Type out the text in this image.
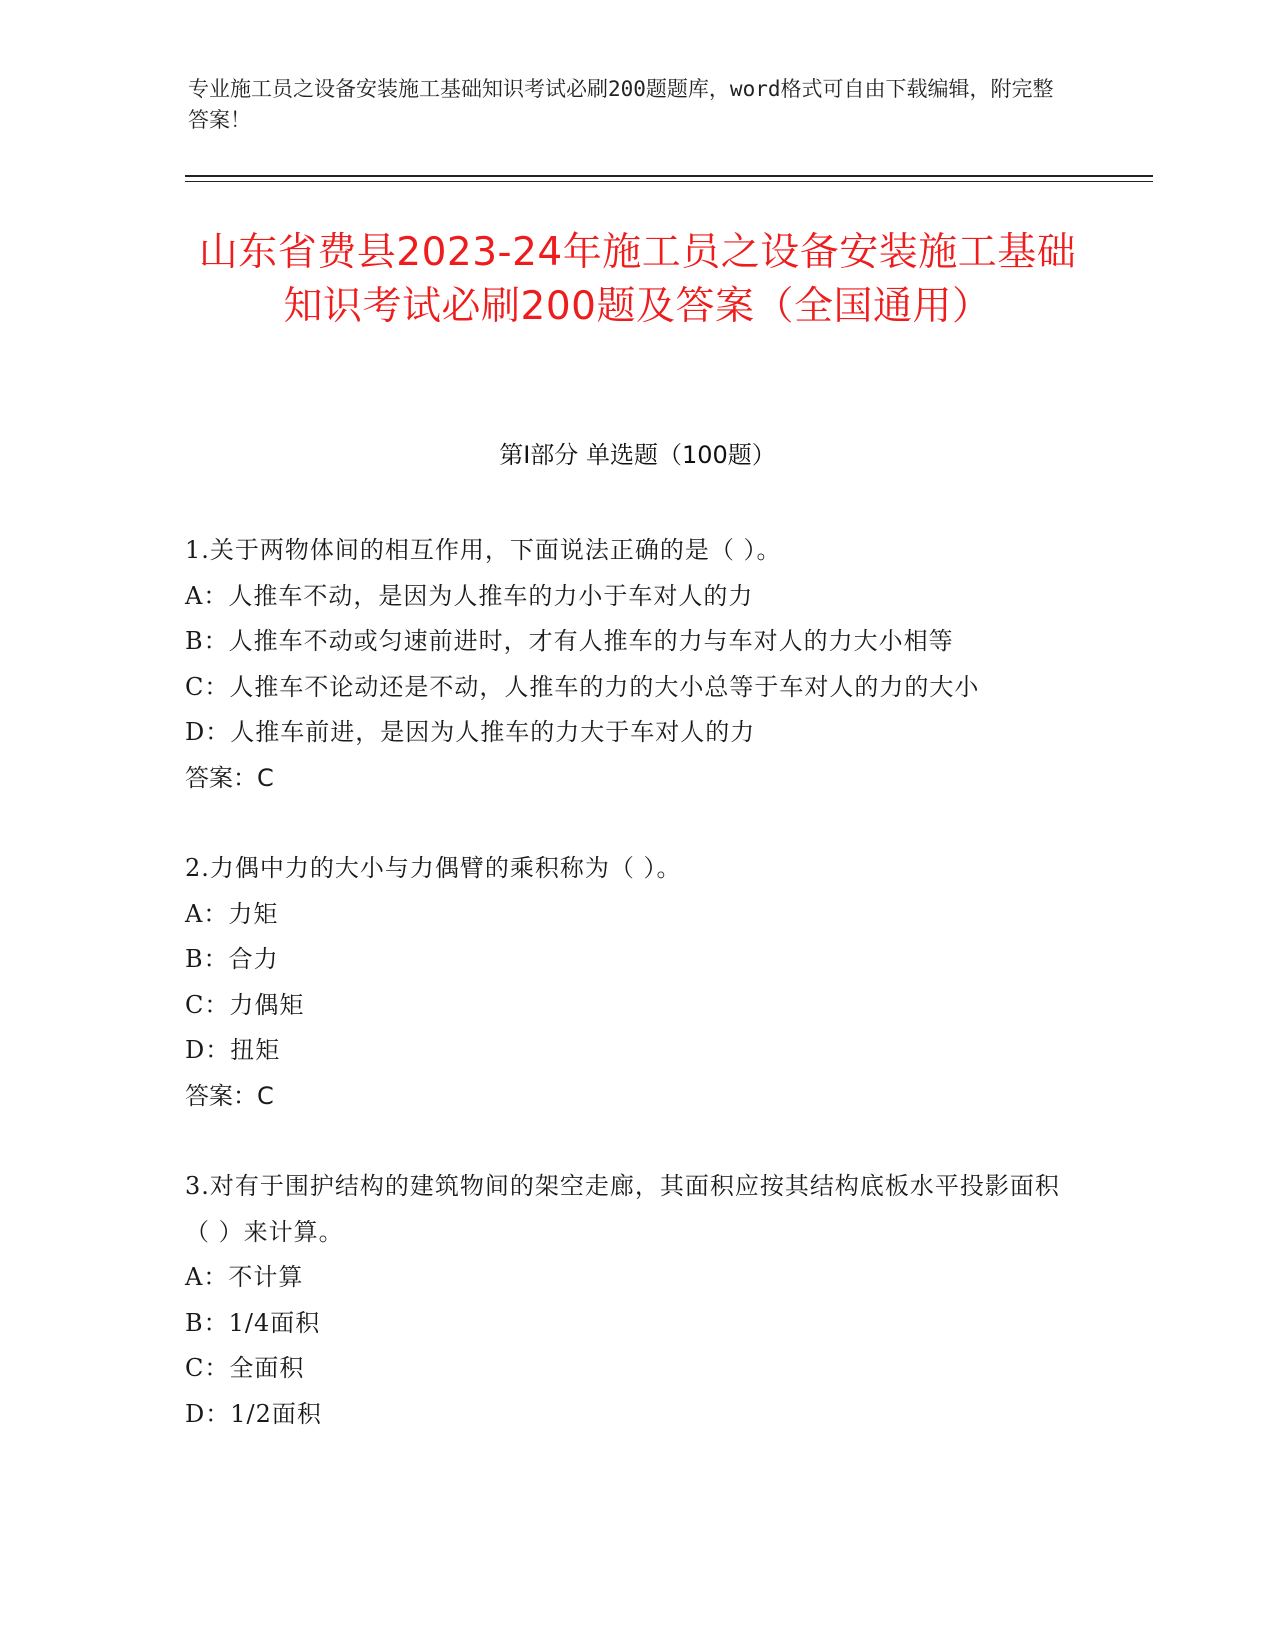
专业施工员之设备安装施工基础知识考试必刷200题题库，word格式可自由下载编辑，附完整答案！
山东省费县2023-24年施工员之设备安装施工基础知识考试必刷200题及答案（全国通用）
第Ⅰ部分 单选题（100题）
1.关于两物体间的相互作用，下面说法正确的是（ ）。
A：人推车不动，是因为人推车的力小于车对人的力
B：人推车不动或匀速前进时，才有人推车的力与车对人的力大小相等
C：人推车不论动还是不动，人推车的力的大小总等于车对人的力的大小
D：人推车前进，是因为人推车的力大于车对人的力
答案：C
2.力偶中力的大小与力偶臂的乘积称为（ ）。
A：力矩
B：合力
C：力偶矩
D：扭矩
答案：C
3.对有于围护结构的建筑物间的架空走廊，其面积应按其结构底板水平投影面积（ ）来计算。
A：不计算
B：1/4面积
C：全面积
D：1/2面积
